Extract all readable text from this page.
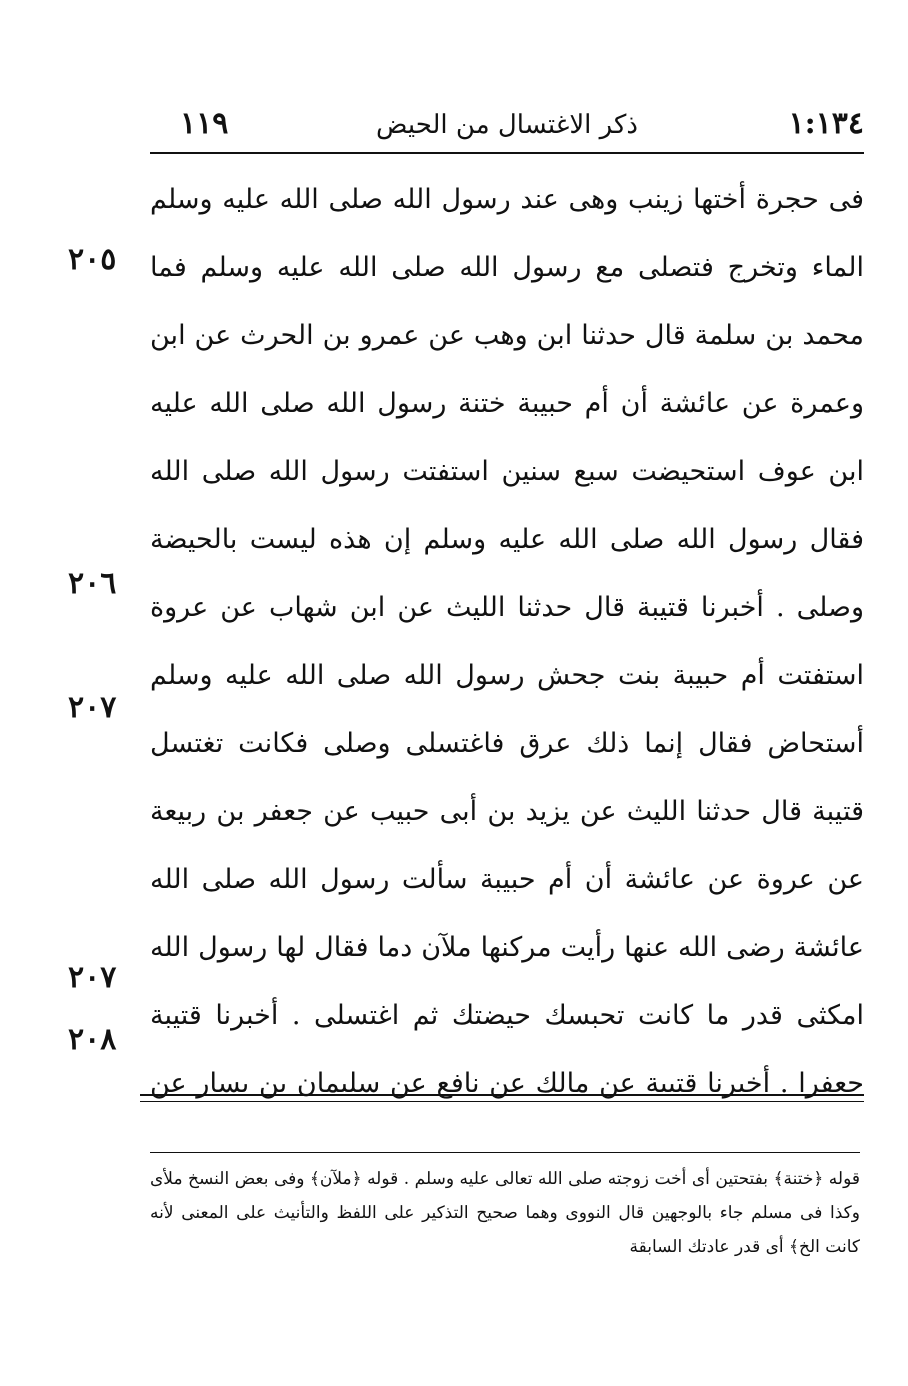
١:١٣٤
ذكر الاغتسال من الحيض
١١٩
فى حجرة أختها زينب وهى عند رسول الله صلى الله عليه وسلم
الماء وتخرج فتصلى مع رسول الله صلى الله عليه وسلم فما
محمد بن سلمة قال حدثنا ابن وهب عن عمرو بن الحرث عن ابن
وعمرة عن عائشة أن أم حبيبة ختنة رسول الله صلى الله عليه
ابن عوف استحيضت سبع سنين استفتت رسول الله صلى الله
فقال رسول الله صلى الله عليه وسلم إن هذه ليست بالحيضة
وصلى . أخبرنا قتيبة قال حدثنا الليث عن ابن شهاب عن عروة
استفتت أم حبيبة بنت جحش رسول الله صلى الله عليه وسلم
أستحاض فقال إنما ذلك عرق فاغتسلى وصلى فكانت تغتسل
قتيبة قال حدثنا الليث عن يزيد بن أبى حبيب عن جعفر بن ربيعة
عن عروة عن عائشة أن أم حبيبة سألت رسول الله صلى الله
عائشة رضى الله عنها رأيت مركنها ملآن دما فقال لها رسول الله
امكثى قدر ما كانت تحبسك حيضتك ثم اغتسلى . أخبرنا قتيبة
جعفرا . أخبرنا قتيبة عن مالك عن نافع عن سليمان بن يسار عن
٢٠٥
٢٠٦
٢٠٧
٢٠٧
٢٠٨
قوله ﴿ختنة﴾ بفتحتين أى أخت زوجته صلى الله تعالى عليه وسلم . قوله ﴿ملآن﴾ وفى بعض النسخ ملأى
وكذا فى مسلم جاء بالوجهين قال النووى وهما صحيح التذكير على اللفظ والتأنيث على المعنى لأنه
كانت الخ﴾ أى قدر عادتك السابقة
